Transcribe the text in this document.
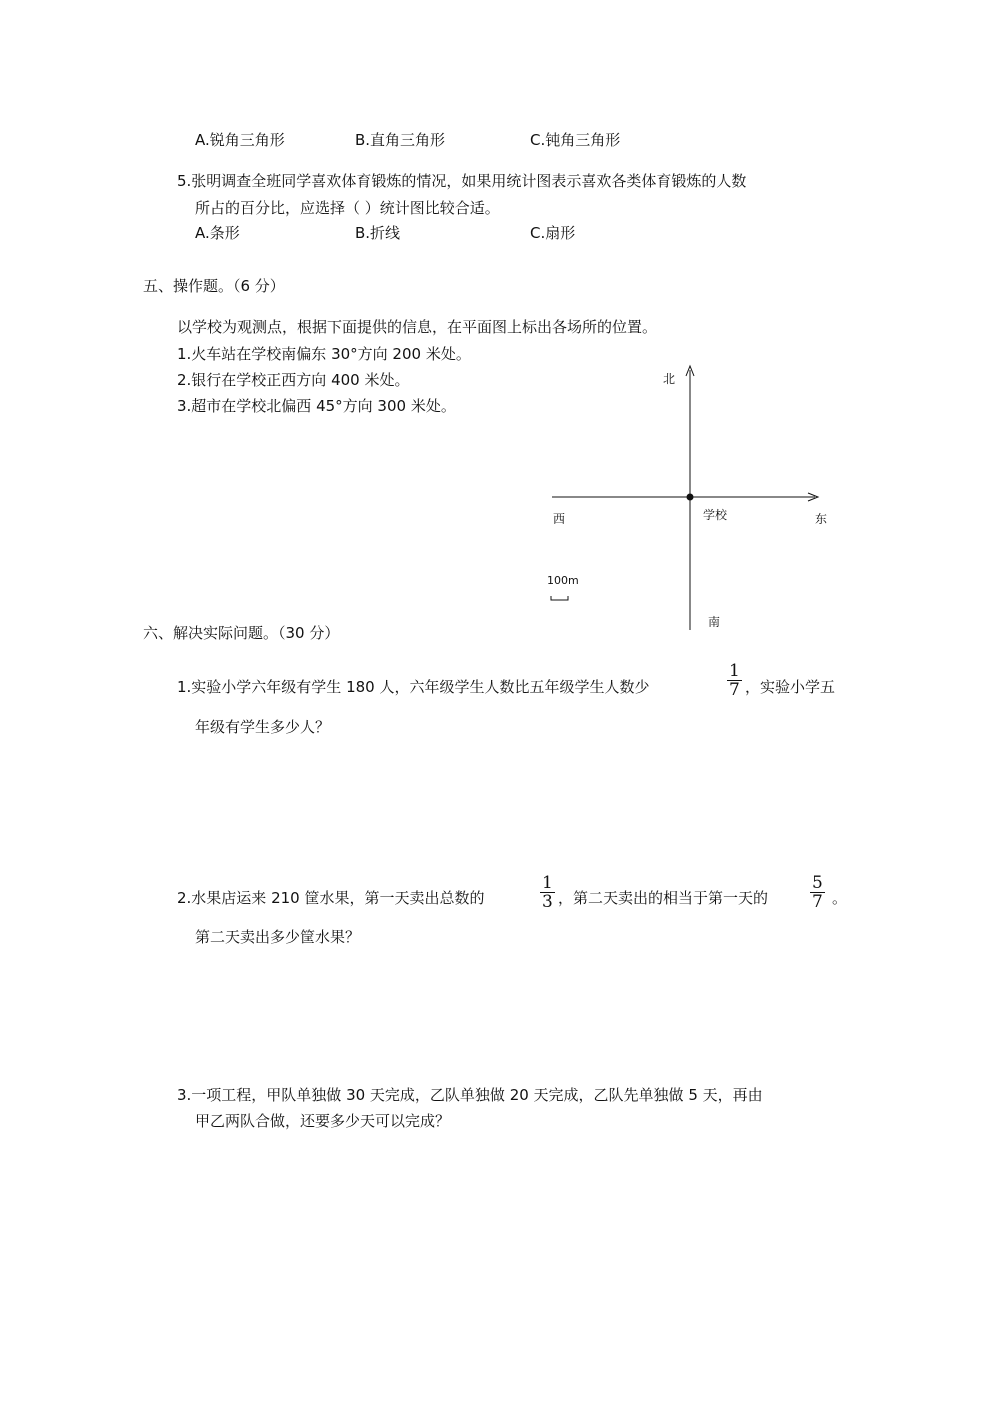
A.锐角三角形	B.直角三角形	C.钝角三角形
5.张明调查全班同学喜欢体育锻炼的情况，如果用统计图表示喜欢各类体育锻炼的人数
所占的百分比，应选择（ ）统计图比较合适。
A.条形	B.折线	C.扇形
五、操作题。（6 分）
以学校为观测点，根据下面提供的信息，在平面图上标出各场所的位置。
1.火车站在学校南偏东 30°方向 200 米处。
2.银行在学校正西方向 400 米处。
3.超市在学校北偏西 45°方向 300 米处。
北
西	学校	东
100m
南
六、解决实际问题。（30 分）
1.实验小学六年级有学生 180 人，六年级学生人数比五年级学生人数少
1
7 ，实验小学五
年级有学生多少人？
2.水果店运来 210 筐水果，第一天卖出总数的
1
3 ，第二天卖出的相当于第一天的
5
7 。
第二天卖出多少筐水果？
3.一项工程，甲队单独做 30 天完成，乙队单独做 20 天完成，乙队先单独做 5 天，再由
甲乙两队合做，还要多少天可以完成？
